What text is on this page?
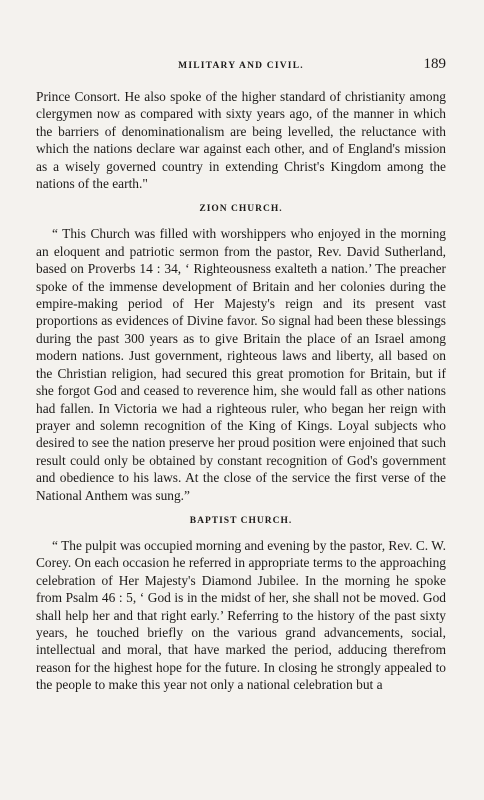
MILITARY AND CIVIL.	189

Prince Consort. He also spoke of the higher standard of christianity among clergymen now as compared with sixty years ago, of the manner in which the barriers of denominationalism are being levelled, the reluctance with which the nations declare war against each other, and of England's mission as a wisely governed country in extending Christ's Kingdom among the nations of the earth."

ZION CHURCH.

“ This Church was filled with worshippers who enjoyed in the morning an eloquent and patriotic sermon from the pastor, Rev. David Sutherland, based on Proverbs 14 : 34, ‘ Righteousness exalteth a nation.’ The preacher spoke of the immense development of Britain and her colonies during the empire-making period of Her Majesty's reign and its present vast proportions as evidences of Divine favor. So signal had been these blessings during the past 300 years as to give Britain the place of an Israel among modern nations. Just government, righteous laws and liberty, all based on the Christian religion, had secured this great promotion for Britain, but if she forgot God and ceased to reverence him, she would fall as other nations had fallen. In Victoria we had a righteous ruler, who began her reign with prayer and solemn recognition of the King of Kings. Loyal subjects who desired to see the nation preserve her proud position were enjoined that such result could only be obtained by constant recognition of God's government and obedience to his laws. At the close of the service the first verse of the National Anthem was sung.”

BAPTIST CHURCH.

“ The pulpit was occupied morning and evening by the pastor, Rev. C. W. Corey. On each occasion he referred in appropriate terms to the approaching celebration of Her Majesty's Diamond Jubilee. In the morning he spoke from Psalm 46 : 5, ‘ God is in the midst of her, she shall not be moved. God shall help her and that right early.’ Referring to the history of the past sixty years, he touched briefly on the various grand advancements, social, intellectual and moral, that have marked the period, adducing therefrom reason for the highest hope for the future. In closing he strongly appealed to the people to make this year not only a national celebration but a
